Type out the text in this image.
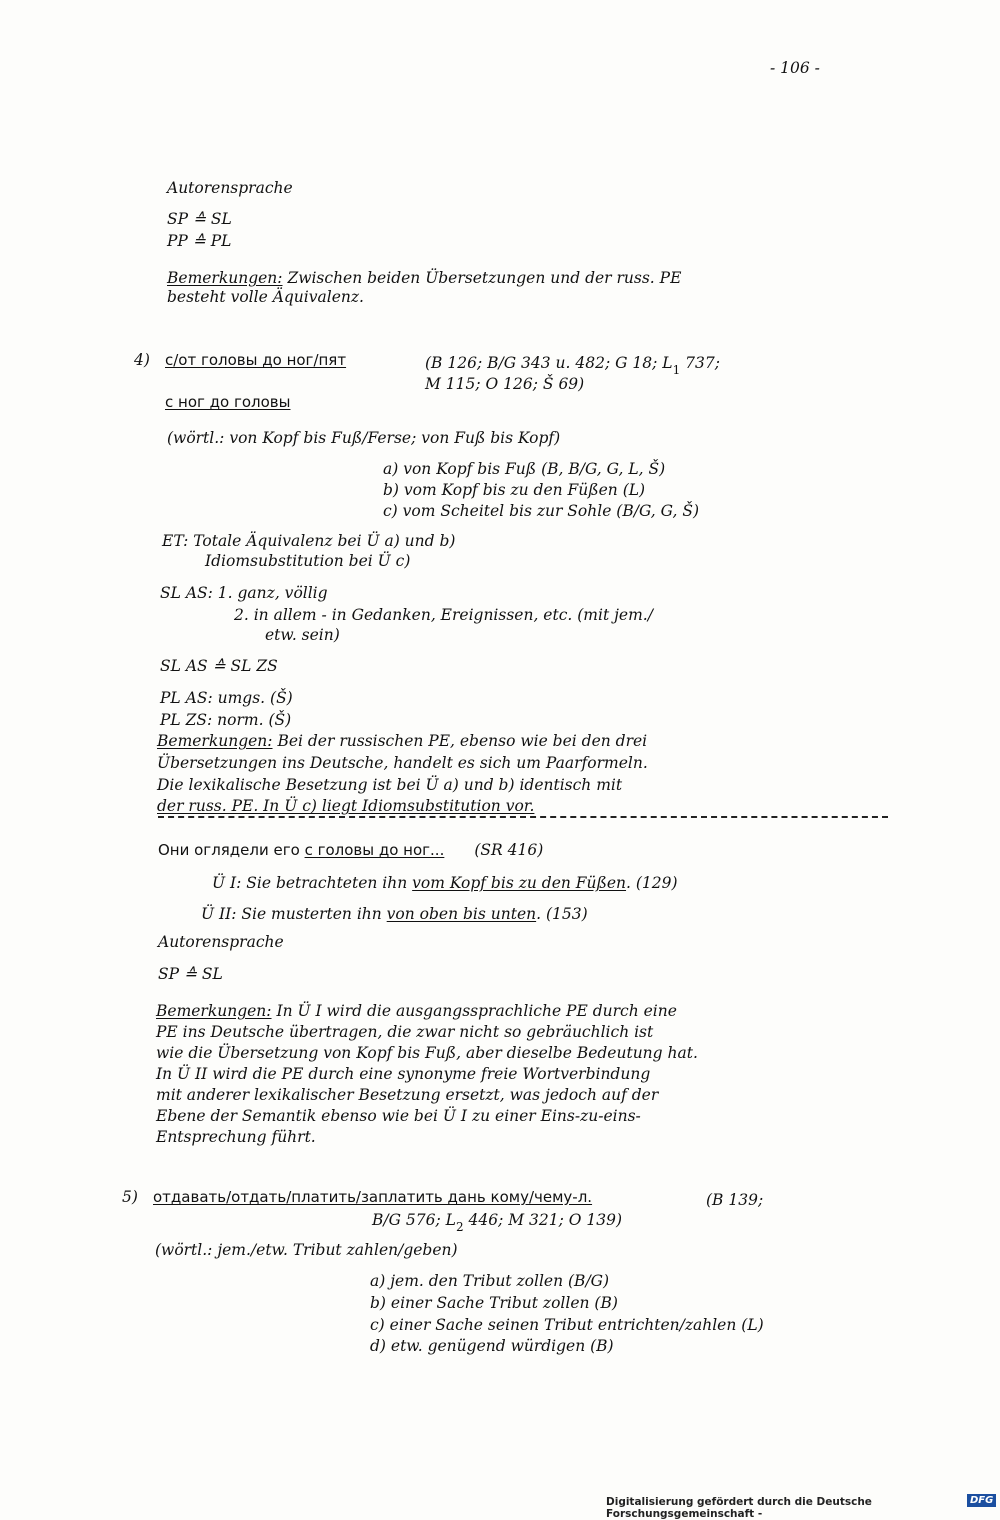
- 106 -
Autorensprache
SP ≙ SL
PP ≙ PL
Bemerkungen: Zwischen beiden Übersetzungen und der russ. PE
besteht volle Äquivalenz.
4) с/от головы до ног/пят	(B 126; B/G 343 u. 482; G 18; $L_1$ 737;
M 115; O 126; Š 69)
с ног до головы
(wörtl.: von Kopf bis Fuß/Ferse; von Fuß bis Kopf)
a) von Kopf bis Fuß (B, B/G, G, L, Š)
b) vom Kopf bis zu den Füßen (L)
c) vom Scheitel bis zur Sohle (B/G, G, Š)
ET: Totale Äquivalenz bei Ü a) und b)
Idiomsubstitution bei Ü c)
SL AS: 1. ganz, völlig
2. in allem - in Gedanken, Ereignissen, etc. (mit jem./
etw. sein)
SL AS ≙ SL ZS
PL AS: umgs. (Š)
PL ZS: norm. (Š)
Bemerkungen: Bei der russischen PE, ebenso wie bei den drei
Übersetzungen ins Deutsche, handelt es sich um Paarformeln.
Die lexikalische Besetzung ist bei Ü a) und b) identisch mit
der russ. PE. In Ü c) liegt Idiomsubstitution vor.
Они оглядели его с головы до ног... (SR 416)
Ü I: Sie betrachteten ihn vom Kopf bis zu den Füßen. (129)
Ü II: Sie musterten ihn von oben bis unten. (153)
Autorensprache
SP ≙ SL
Bemerkungen: In Ü I wird die ausgangssprachliche PE durch eine
PE ins Deutsche übertragen, die zwar nicht so gebräuchlich ist
wie die Übersetzung von Kopf bis Fuß, aber dieselbe Bedeutung hat.
In Ü II wird die PE durch eine synonyme freie Wortverbindung
mit anderer lexikalischer Besetzung ersetzt, was jedoch auf der
Ebene der Semantik ebenso wie bei Ü I zu einer Eins-zu-eins-
Entsprechung führt.
5) отдавать/отдать/платить/заплатить дань кому/чему-л.	(B 139;
B/G 576; $L_2$ 446; M 321; O 139)
(wörtl.: jem./etw. Tribut zahlen/geben)
a) jem. den Tribut zollen (B/G)
b) einer Sache Tribut zollen (B)
c) einer Sache seinen Tribut entrichten/zahlen (L)
d) etw. genügend würdigen (B)
Digitalisierung gefördert durch die Deutsche Forschungsgemeinschaft -
DFG
